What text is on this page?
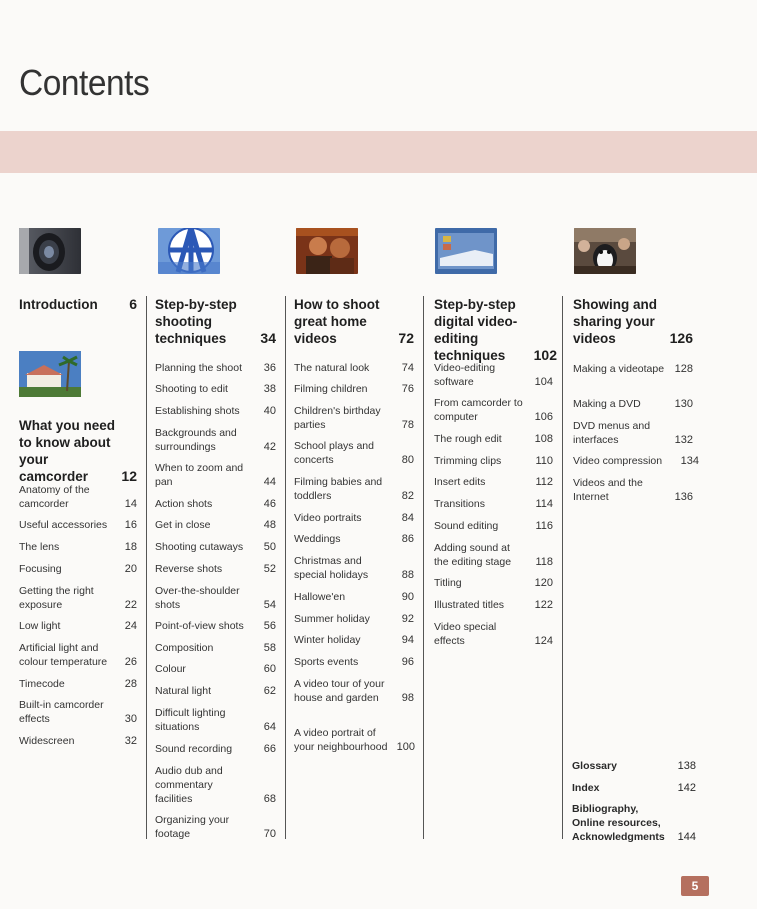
Contents
Introduction 6
What you need to know about your camcorder 12
Anatomy of the camcorder	14
Useful accessories	16
The lens	18
Focusing	20
Getting the right exposure	22
Low light	24
Artificial light and colour temperature	26
Timecode	28
Built-in camcorder effects	30
Widescreen	32
Step-by-step shooting techniques 34
Planning the shoot	36
Shooting to edit	38
Establishing shots	40
Backgrounds and surroundings	42
When to zoom and pan	44
Action shots	46
Get in close	48
Shooting cutaways	50
Reverse shots	52
Over-the-shoulder shots	54
Point-of-view shots	56
Composition	58
Colour	60
Natural light	62
Difficult lighting situations	64
Sound recording	66
Audio dub and commentary facilities	68
Organizing your footage	70
How to shoot great home videos	72
The natural look	74
Filming children	76
Children's birthday parties	78
School plays and concerts	80
Filming babies and toddlers	82
Video portraits	84
Weddings	86
Christmas and special holidays	88
Hallowe'en	90
Summer holiday	92
Winter holiday	94
Sports events	96
A video tour of your house and garden	98
A video portrait of your neighbourhood 100
Step-by-step digital video-editing techniques 102
Video-editing software	104
From camcorder to computer	106
The rough edit	108
Trimming clips	110
Insert edits	112
Transitions	114
Sound editing	116
Adding sound at the editing stage	118
Titling	120
Illustrated titles	122
Video special effects	124
Showing and sharing your videos	126
Making a videotape 128
Making a DVD	130
DVD menus and interfaces	132
Video compression	134
Videos and the Internet	136
Glossary	138
Index	142
Bibliography, Online resources, Acknowledgments	144
5
